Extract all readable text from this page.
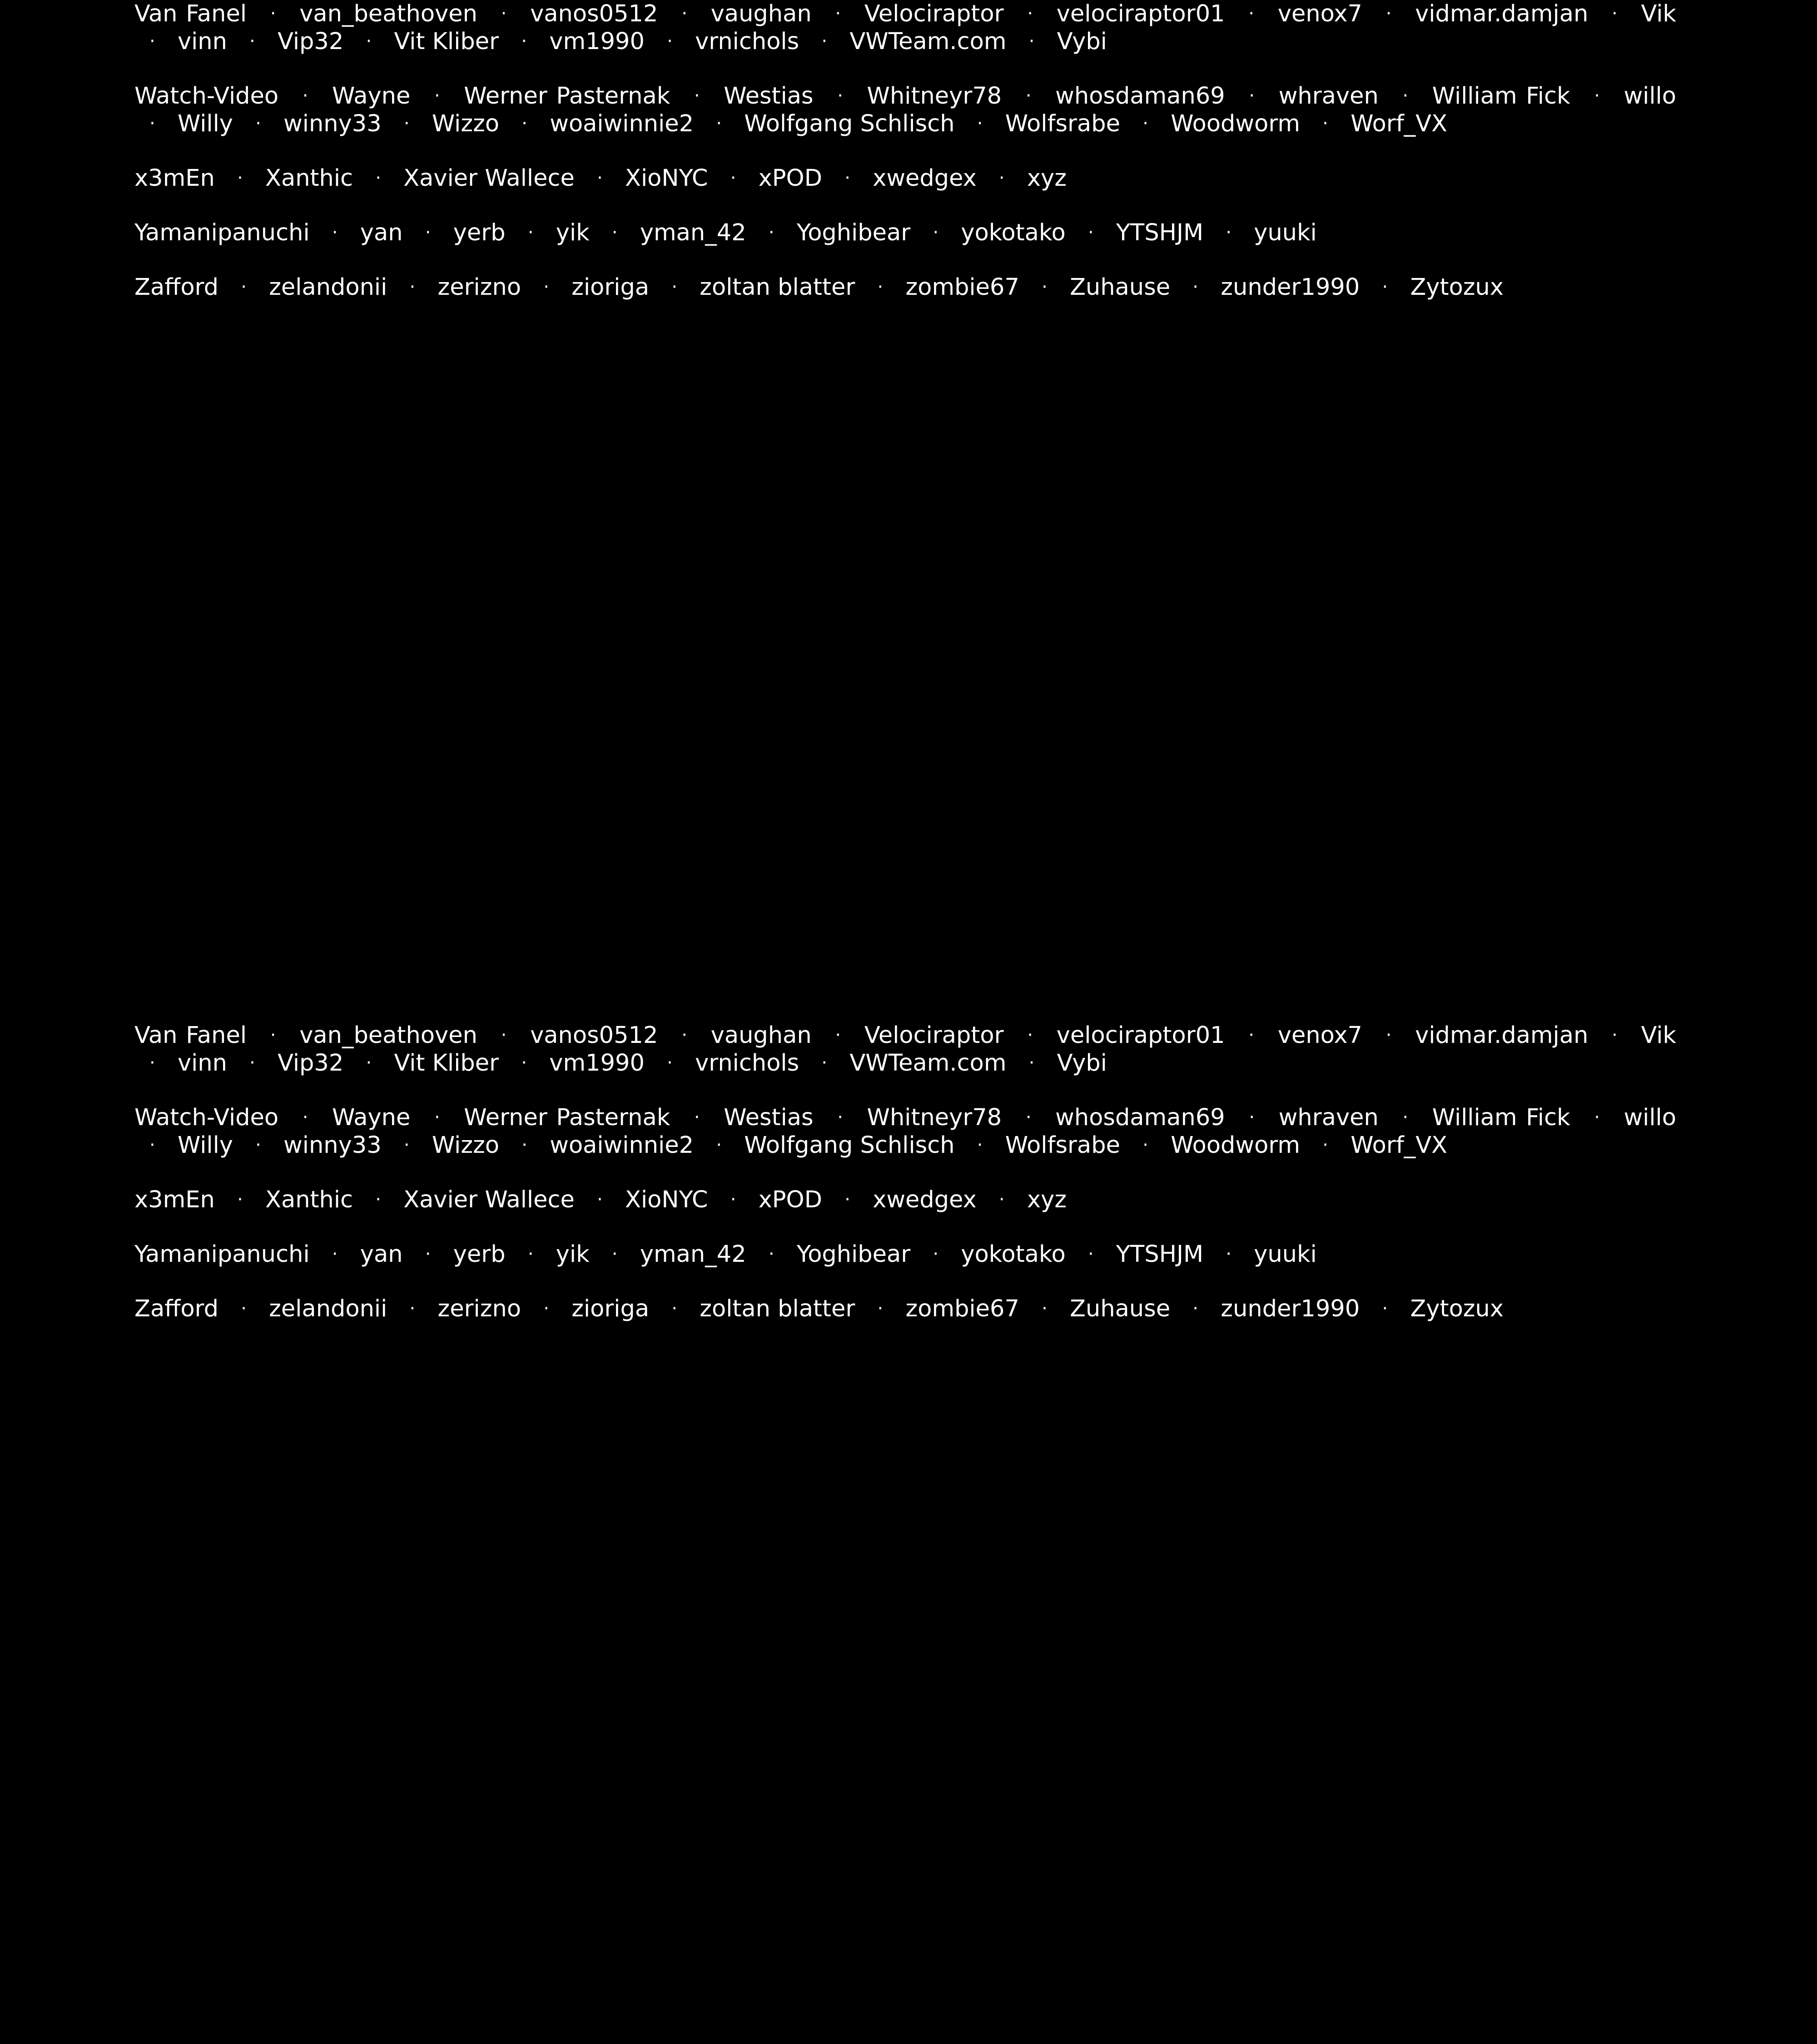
Van Fanel · van_beathoven · vanos0512 · vaughan · Velociraptor · velociraptor01 · venox7 · vidmar.damjan · Vik · vinn · Vip32 · Vit Kliber · vm1990 · vrnichols · VWTeam.com · Vybi

Watch-Video · Wayne · Werner Pasternak · Westias · Whitneyr78 · whosdaman69 · whraven · William Fick · willo · Willy · winny33 · Wizzo · woaiwinnie2 · Wolfgang Schlisch · Wolfsrabe · Woodworm · Worf_VX

x3mEn · Xanthic · Xavier Wallece · XioNYC · xPOD · xwedgex · xyz

Yamanipanuchi · yan · yerb · yik · yman_42 · Yoghibear · yokotako · YTSHJM · yuuki

Zafford · zelandonii · zerizno · zioriga · zoltan blatter · zombie67 · Zuhause · zunder1990 · Zytozux

Van Fanel · van_beathoven · vanos0512 · vaughan · Velociraptor · velociraptor01 · venox7 · vidmar.damjan · Vik · vinn · Vip32 · Vit Kliber · vm1990 · vrnichols · VWTeam.com · Vybi

Watch-Video · Wayne · Werner Pasternak · Westias · Whitneyr78 · whosdaman69 · whraven · William Fick · willo · Willy · winny33 · Wizzo · woaiwinnie2 · Wolfgang Schlisch · Wolfsrabe · Woodworm · Worf_VX

x3mEn · Xanthic · Xavier Wallece · XioNYC · xPOD · xwedgex · xyz

Yamanipanuchi · yan · yerb · yik · yman_42 · Yoghibear · yokotako · YTSHJM · yuuki

Zafford · zelandonii · zerizno · zioriga · zoltan blatter · zombie67 · Zuhause · zunder1990 · Zytozux
